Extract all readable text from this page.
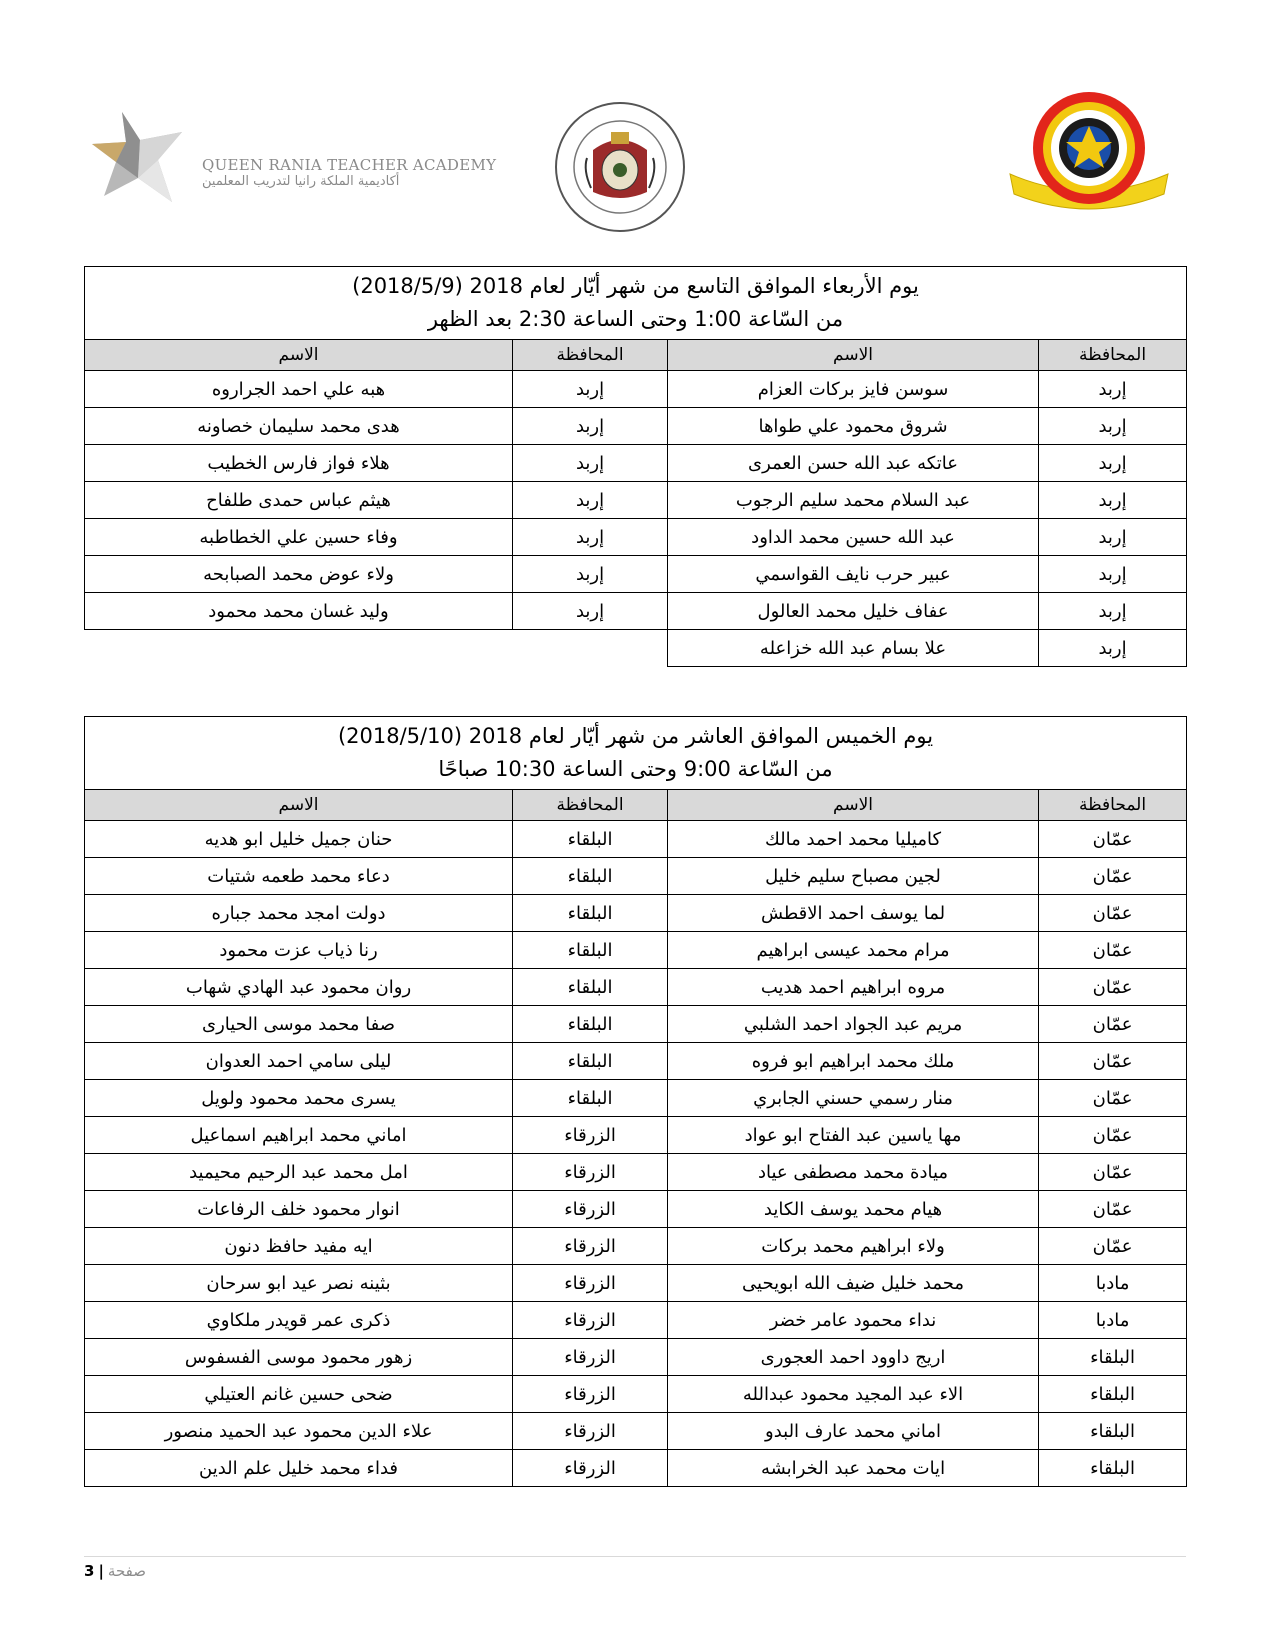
QUEEN RANIA TEACHER ACADEMY
أكاديمية الملكة رانيا لتدريب المعلمين
يوم الأربعاء الموافق التاسع من شهر أيّار لعام 2018 (2018/5/9)
من السّاعة 1:00 وحتى الساعة 2:30 بعد الظهر			

المحافظة	الاسم	المحافظة	الاسم
إربد	سوسن فايز بركات العزام	إربد	هبه علي احمد الجراروه
إربد	شروق محمود علي طواها	إربد	هدى محمد سليمان خصاونه
إربد	عاتكه عبد الله حسن العمرى	إربد	هلاء فواز فارس الخطيب
إربد	عبد السلام محمد سليم الرجوب	إربد	هيثم عباس حمدى طلفاح
إربد	عبد الله حسين محمد الداود	إربد	وفاء حسين علي الخطاطبه
إربد	عبير حرب نايف القواسمي	إربد	ولاء عوض محمد الصبابحه
إربد	عفاف خليل محمد العالول	إربد	وليد غسان محمد محمود
إربد	علا بسام عبد الله خزاعله		
يوم الخميس الموافق العاشر من شهر أيّار لعام 2018 (2018/5/10)
من السّاعة 9:00 وحتى الساعة 10:30 صباحًا			

المحافظة	الاسم	المحافظة	الاسم
عمّان	كاميليا محمد احمد مالك	البلقاء	حنان جميل خليل ابو هديه
عمّان	لجين مصباح سليم خليل	البلقاء	دعاء محمد طعمه شتيات
عمّان	لما يوسف احمد الاقطش	البلقاء	دولت امجد محمد جباره
عمّان	مرام محمد عيسى ابراهيم	البلقاء	رنا ذياب عزت محمود
عمّان	مروه ابراهيم احمد هديب	البلقاء	روان محمود عبد الهادي شهاب
عمّان	مريم عبد الجواد احمد الشلبي	البلقاء	صفا محمد موسى الحيارى
عمّان	ملك محمد ابراهيم ابو فروه	البلقاء	ليلى سامي احمد العدوان
عمّان	منار رسمي حسني الجابري	البلقاء	يسرى محمد محمود ولويل
عمّان	مها ياسين عبد الفتاح ابو عواد	الزرقاء	اماني محمد ابراهيم اسماعيل
عمّان	ميادة محمد مصطفى عياد	الزرقاء	امل محمد عبد الرحيم محيميد
عمّان	هيام محمد يوسف الكايد	الزرقاء	انوار محمود خلف الرفاعات
عمّان	ولاء ابراهيم محمد بركات	الزرقاء	ايه مفيد حافظ دنون
مادبا	محمد خليل ضيف الله ابويحيى	الزرقاء	بثينه نصر عيد ابو سرحان
مادبا	نداء محمود عامر خضر	الزرقاء	ذكرى عمر قويدر ملكاوي
البلقاء	اريج داوود احمد العجورى	الزرقاء	زهور محمود موسى الفسفوس
البلقاء	الاء عبد المجيد محمود عبدالله	الزرقاء	ضحى حسين غانم العتيلي
البلقاء	اماني محمد عارف البدو	الزرقاء	علاء الدين محمود عبد الحميد منصور
البلقاء	ايات محمد عبد الخرابشه	الزرقاء	فداء محمد خليل علم الدين
3 | صفحة
